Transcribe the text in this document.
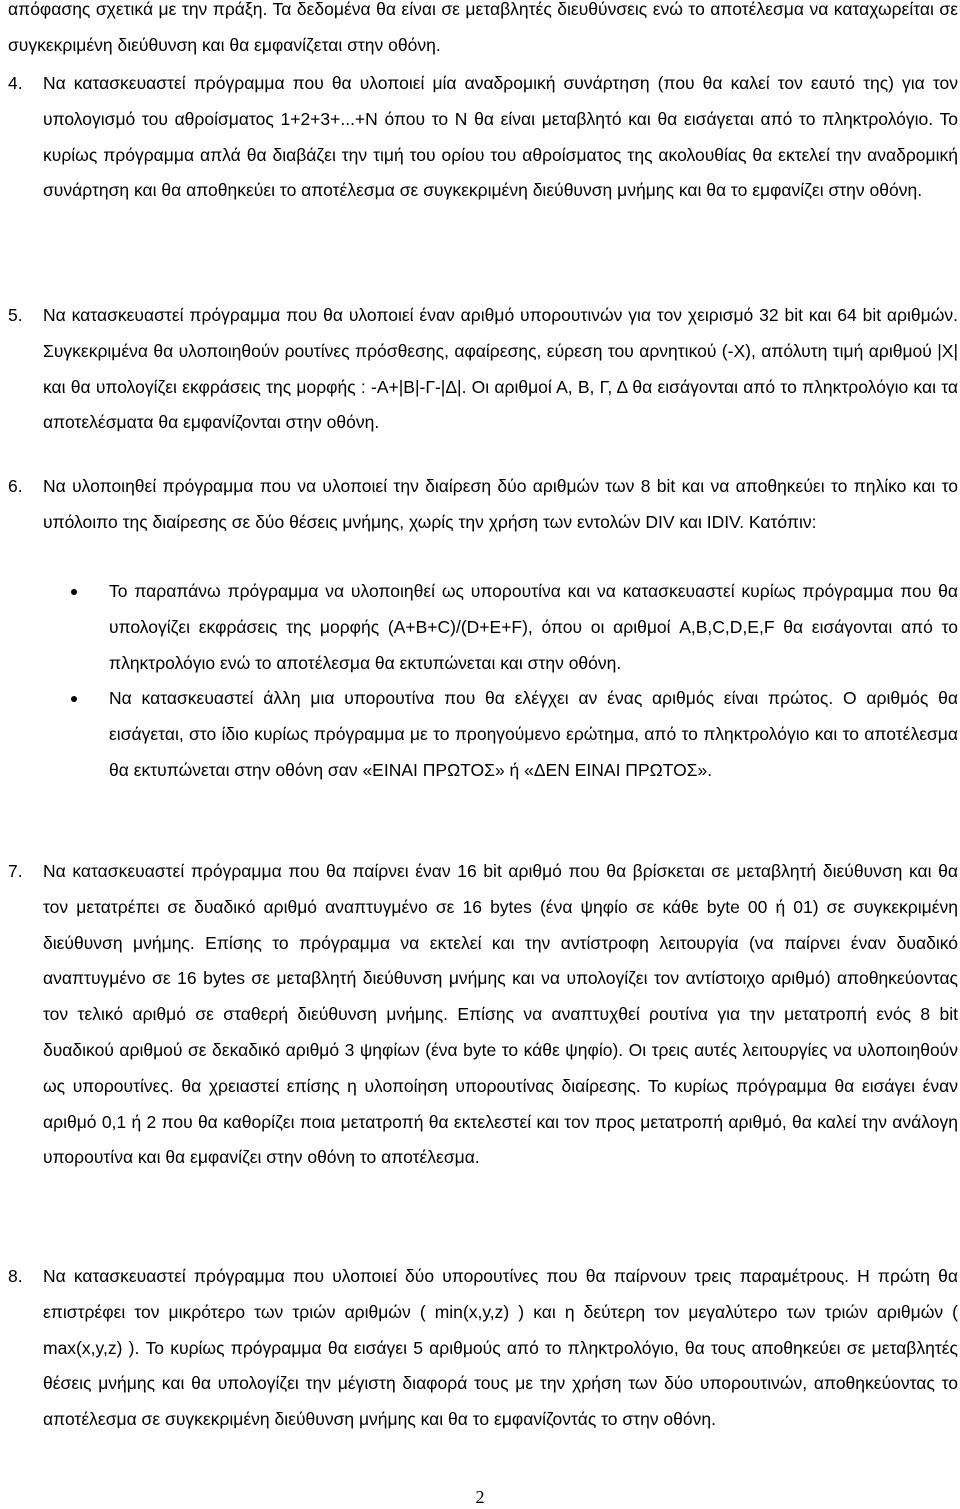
απόφασης σχετικά με την πράξη. Τα δεδομένα θα είναι σε μεταβλητές διευθύνσεις ενώ το αποτέλεσμα να καταχωρείται σε συγκεκριμένη διεύθυνση και θα εμφανίζεται στην οθόνη.

4. Να κατασκευαστεί πρόγραμμα που θα υλοποιεί μία αναδρομική συνάρτηση (που θα καλεί τον εαυτό της) για τον υπολογισμό του αθροίσματος 1+2+3+...+N όπου το Ν θα είναι μεταβλητό και θα εισάγεται από το πληκτρολόγιο. Το κυρίως πρόγραμμα απλά θα διαβάζει την τιμή του ορίου του αθροίσματος της ακολουθίας θα εκτελεί την αναδρομική συνάρτηση και θα αποθηκεύει το αποτέλεσμα σε συγκεκριμένη διεύθυνση μνήμης και θα το εμφανίζει στην οθόνη.

5. Να κατασκευαστεί πρόγραμμα που θα υλοποιεί έναν αριθμό υπορουτινών για τον χειρισμό 32 bit και 64 bit αριθμών. Συγκεκριμένα θα υλοποιηθούν ρουτίνες πρόσθεσης, αφαίρεσης, εύρεση του αρνητικού (-Χ), απόλυτη τιμή αριθμού |Χ| και θα υπολογίζει εκφράσεις της μορφής : -Α+|Β|-Γ-|Δ|. Οι αριθμοί Α, Β, Γ, Δ θα εισάγονται από το πληκτρολόγιο και τα αποτελέσματα θα εμφανίζονται στην οθόνη.

6. Να υλοποιηθεί πρόγραμμα που να υλοποιεί την διαίρεση δύο αριθμών των 8 bit και να αποθηκεύει το πηλίκο και το υπόλοιπο της διαίρεσης σε δύο θέσεις μνήμης, χωρίς την χρήση των εντολών DIV και IDIV. Κατόπιν:

Το παραπάνω πρόγραμμα να υλοποιηθεί ως υπορουτίνα και να κατασκευαστεί κυρίως πρόγραμμα που θα υπολογίζει εκφράσεις της μορφής (A+B+C)/(D+E+F), όπου οι αριθμοί A,B,C,D,E,F θα εισάγονται από το πληκτρολόγιο ενώ το αποτέλεσμα θα εκτυπώνεται και στην οθόνη.
Να κατασκευαστεί άλλη μια υπορουτίνα που θα ελέγχει αν ένας αριθμός είναι πρώτος. Ο αριθμός θα εισάγεται, στο ίδιο κυρίως πρόγραμμα με το προηγούμενο ερώτημα, από το πληκτρολόγιο και το αποτέλεσμα θα εκτυπώνεται στην οθόνη σαν «ΕΙΝΑΙ ΠΡΩΤΟΣ» ή «ΔΕΝ ΕΙΝΑΙ ΠΡΩΤΟΣ».
7. Να κατασκευαστεί πρόγραμμα που θα παίρνει έναν 16 bit αριθμό που θα βρίσκεται σε μεταβλητή διεύθυνση και θα τον μετατρέπει σε δυαδικό αριθμό αναπτυγμένο σε 16 bytes (ένα ψηφίο σε κάθε byte 00 ή 01) σε συγκεκριμένη διεύθυνση μνήμης. Επίσης το πρόγραμμα να εκτελεί και την αντίστροφη λειτουργία (να παίρνει έναν δυαδικό αναπτυγμένο σε 16 bytes σε μεταβλητή διεύθυνση μνήμης και να υπολογίζει τον αντίστοιχο αριθμό) αποθηκεύοντας τον τελικό αριθμό σε σταθερή διεύθυνση μνήμης. Επίσης να αναπτυχθεί ρουτίνα για την μετατροπή ενός 8 bit δυαδικού αριθμού σε δεκαδικό αριθμό 3 ψηφίων (ένα byte το κάθε ψηφίο). Οι τρεις αυτές λειτουργίες να υλοποιηθούν ως υπορουτίνες. θα χρειαστεί επίσης η υλοποίηση υπορουτίνας διαίρεσης. Το κυρίως πρόγραμμα θα εισάγει έναν αριθμό 0,1 ή 2 που θα καθορίζει ποια μετατροπή θα εκτελεστεί και τον προς μετατροπή αριθμό, θα καλεί την ανάλογη υπορουτίνα και θα εμφανίζει στην οθόνη το αποτέλεσμα.

8. Να κατασκευαστεί πρόγραμμα που υλοποιεί δύο υπορουτίνες που θα παίρνουν τρεις παραμέτρους. Η πρώτη θα επιστρέφει τον μικρότερο των τριών αριθμών ( min(x,y,z) ) και η δεύτερη τον μεγαλύτερο των τριών αριθμών ( max(x,y,z) ). Το κυρίως πρόγραμμα θα εισάγει 5 αριθμούς από το πληκτρολόγιο, θα τους αποθηκεύει σε μεταβλητές θέσεις μνήμης και θα υπολογίζει την μέγιστη διαφορά τους με την χρήση των δύο υπορουτινών, αποθηκεύοντας το αποτέλεσμα σε συγκεκριμένη διεύθυνση μνήμης και θα το εμφανίζοντάς το στην οθόνη.

2
